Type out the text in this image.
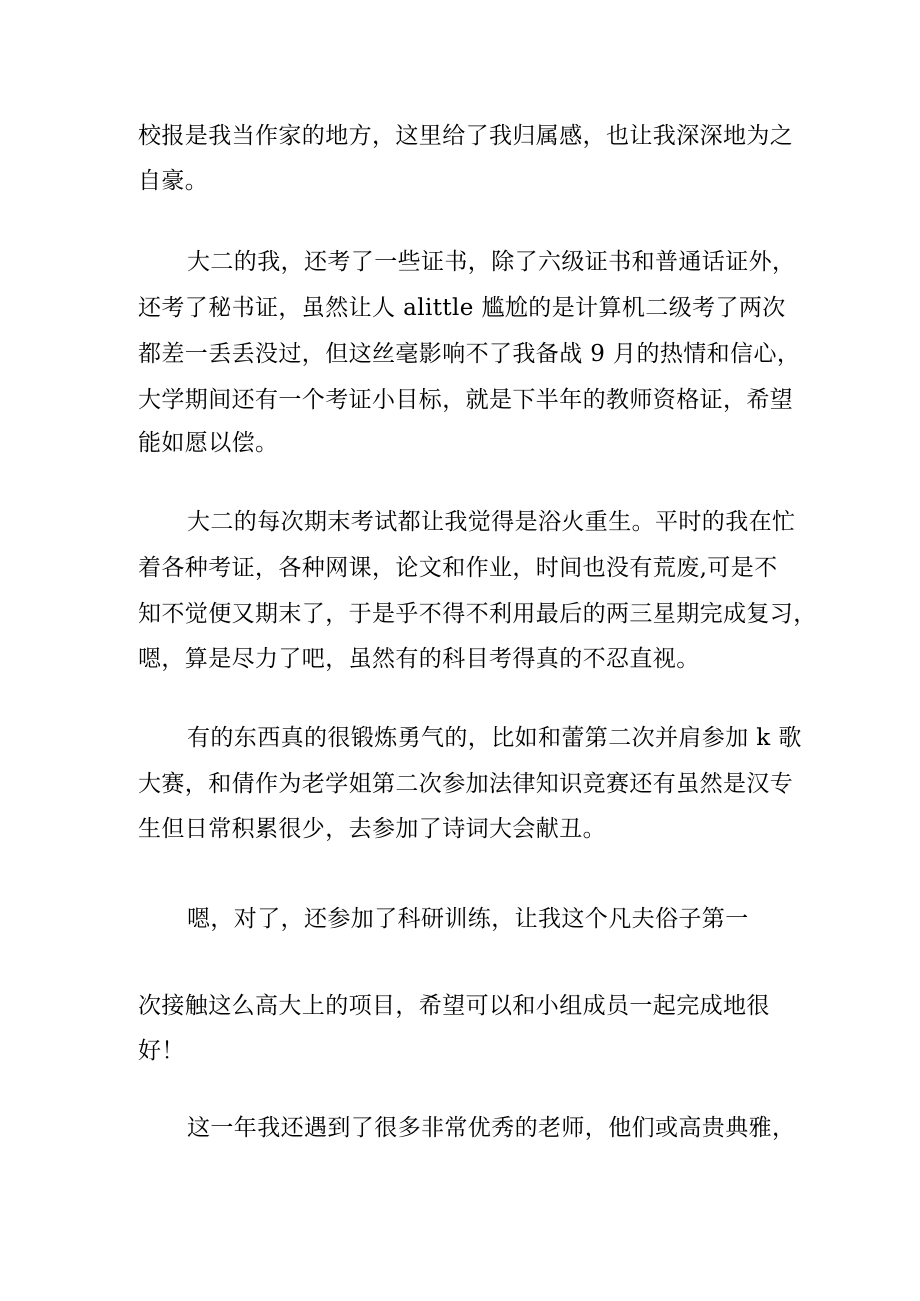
校报是我当作家的地方，这里给了我归属感，也让我深深地为之
自豪。
大二的我，还考了一些证书，除了六级证书和普通话证外，
还考了秘书证，虽然让人 alittle 尴尬的是计算机二级考了两次
都差一丢丢没过，但这丝毫影响不了我备战 9 月的热情和信心，
大学期间还有一个考证小目标，就是下半年的教师资格证，希望
能如愿以偿。
大二的每次期末考试都让我觉得是浴火重生。平时的我在忙
着各种考证，各种网课，论文和作业，时间也没有荒废,可是不
知不觉便又期末了，于是乎不得不利用最后的两三星期完成复习，
嗯，算是尽力了吧，虽然有的科目考得真的不忍直视。
有的东西真的很锻炼勇气的，比如和蕾第二次并肩参加 k 歌
大赛，和倩作为老学姐第二次参加法律知识竞赛还有虽然是汉专
生但日常积累很少，去参加了诗词大会献丑。
嗯，对了，还参加了科研训练，让我这个凡夫俗子第一
次接触这么高大上的项目，希望可以和小组成员一起完成地很
好！
这一年我还遇到了很多非常优秀的老师，他们或高贵典雅，
